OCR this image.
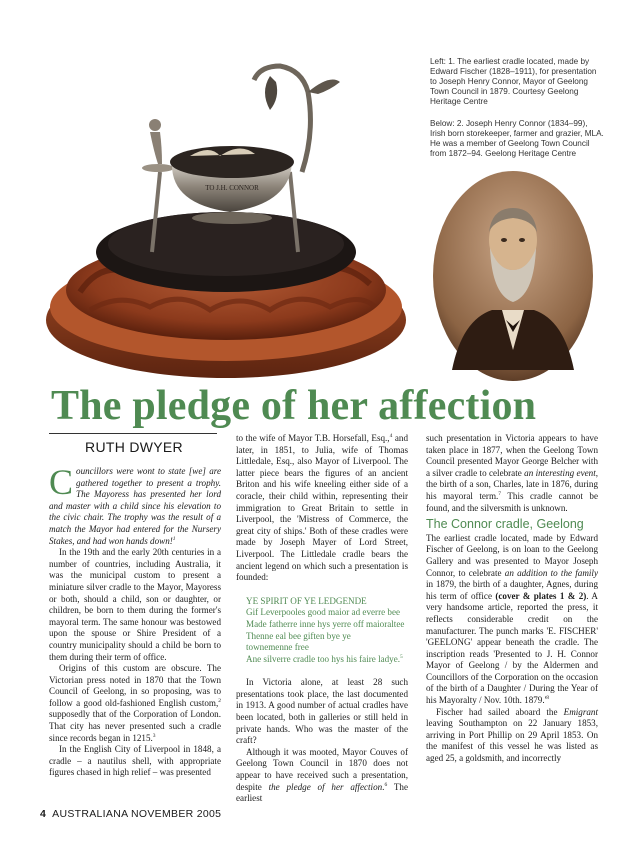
TO J.H. CONNOR
Left: 1. The earliest cradle located, made by Edward Fischer (1828–1911), for presentation to Joseph Henry Connor, Mayor of Geelong Town Council in 1879. Courtesy Geelong Heritage Centre
Below: 2. Joseph Henry Connor (1834–99), Irish born storekeeper, farmer and grazier, MLA. He was a member of Geelong Town Council from 1872–94. Geelong Heritage Centre
The pledge of her affection
RUTH DWYER
Councillors were wont to state [we] are gathered together to present a trophy. The Mayoress has presented her lord and master with a child since his elevation to the civic chair. The trophy was the result of a match the Mayor had entered for the Nursery Stakes, and had won hands down!$^1$

In the 19th and the early 20th centuries in a number of countries, including Australia, it was the municipal custom to present a miniature silver cradle to the Mayor, Mayoress or both, should a child, son or daughter, or children, be born to them during the former's mayoral term. The same honour was bestowed upon the spouse or Shire President of a country municipality should a child be born to them during their term of office.

Origins of this custom are obscure. The Victorian press noted in 1870 that the Town Council of Geelong, in so proposing, was to follow a good old-fashioned English custom,$^2$ supposedly that of the Corporation of London. That city has never presented such a cradle since records began in 1215.$^3$

In the English City of Liverpool in 1848, a cradle – a nautilus shell, with appropriate figures chased in high relief – was presented

to the wife of Mayor T.B. Horsefall, Esq.,$^4$ and later, in 1851, to Julia, wife of Thomas Littledale, Esq., also Mayor of Liverpool. The latter piece bears the figures of an ancient Briton and his wife kneeling either side of a coracle, their child within, representing their immigration to Great Britain to settle in Liverpool, the 'Mistress of Commerce, the great city of ships.' Both of these cradles were made by Joseph Mayer of Lord Street, Liverpool. The Littledale cradle bears the ancient legend on which such a presentation is founded:

YE SPIRIT OF YE LEDGENDE
Gif Leverpooles good maior ad everre bee
Made fatherre inne hys yerre off maioraltee
Thenne eal bee giften bye ye
townemenne free
Ane silverre cradle too hys his faire ladye.$^5$

In Victoria alone, at least 28 such presentations took place, the last documented in 1913. A good number of actual cradles have been located, both in galleries or still held in private hands. Who was the master of the craft?

Although it was mooted, Mayor Couves of Geelong Town Council in 1870 does not appear to have received such a presentation, despite the pledge of her affection.$^6$ The earliest

such presentation in Victoria appears to have taken place in 1877, when the Geelong Town Council presented Mayor George Belcher with a silver cradle to celebrate an interesting event, the birth of a son, Charles, late in 1876, during his mayoral term.$^7$ This cradle cannot be found, and the silversmith is unknown.

The Connor cradle, Geelong

The earliest cradle located, made by Edward Fischer of Geelong, is on loan to the Geelong Gallery and was presented to Mayor Joseph Connor, to celebrate an addition to the family in 1879, the birth of a daughter, Agnes, during his term of office (cover & plates 1 & 2). A very handsome article, reported the press, it reflects considerable credit on the manufacturer. The punch marks 'E. FISCHER' 'GEELONG' appear beneath the cradle. The inscription reads 'Presented to J. H. Connor Mayor of Geelong / by the Aldermen and Councillors of the Corporation on the occasion of the birth of a Daughter / During the Year of his Mayoralty / Nov. 10th. $1879.'^8$

Fischer had sailed aboard the Emigrant leaving Southampton on 22 January 1853, arriving in Port Phillip on 29 April 1853. On the manifest of this vessel he was listed as aged 25, a goldsmith, and incorrectly

4 AUSTRALIANA NOVEMBER 2005
